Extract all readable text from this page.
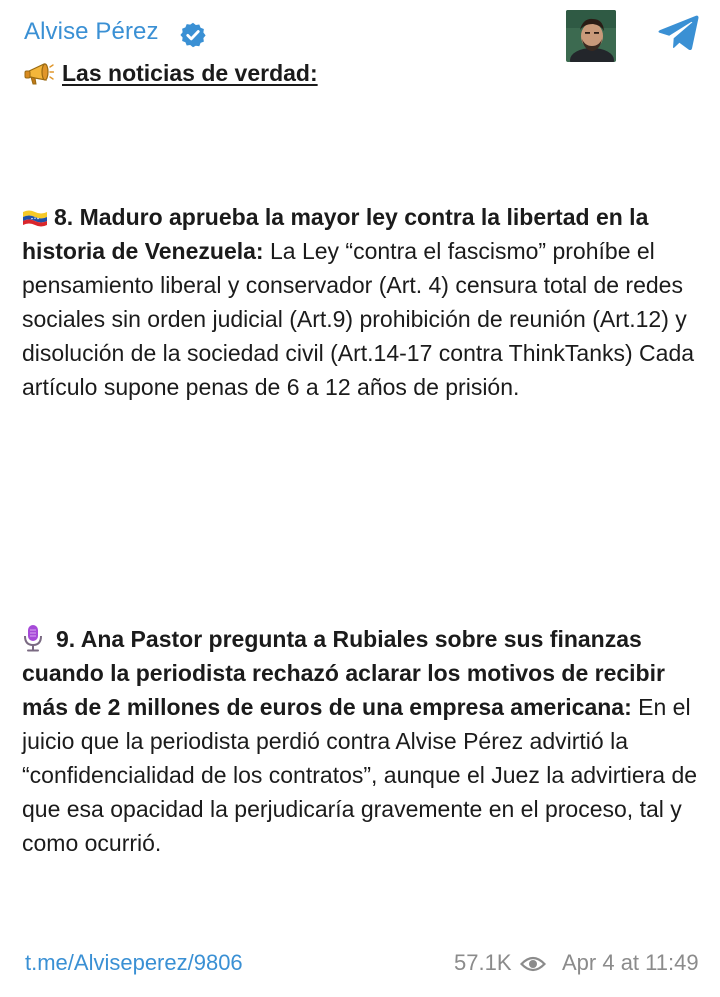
Alvise Pérez
Las noticias de verdad:
8. Maduro aprueba la mayor ley contra la libertad en la historia de Venezuela: La Ley “contra el fascismo” prohíbe el pensamiento liberal y conservador (Art. 4) censura total de redes sociales sin orden judicial (Art.9) prohibición de reunión (Art.12) y disolución de la sociedad civil (Art.14-17 contra ThinkTanks) Cada artículo supone penas de 6 a 12 años de prisión.
9. Ana Pastor pregunta a Rubiales sobre sus finanzas cuando la periodista rechazó aclarar los motivos de recibir más de 2 millones de euros de una empresa americana: En el juicio que la periodista perdió contra Alvise Pérez advirtió la “confidencialidad de los contratos”, aunque el Juez la advirtiera de que esa opacidad la perjudicaría gravemente en el proceso, tal y como ocurrió.
t.me/Alviseperez/9806	57.1K Apr 4 at 11:49
